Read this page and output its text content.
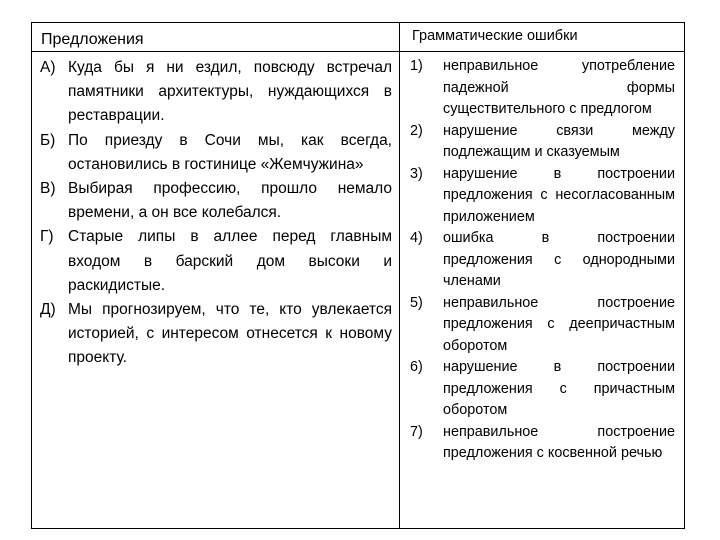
Предложения	Грамматические ошибки
А) Куда бы я ни ездил, повсюду встречал памятники архитектуры, нуждающихся в реставрации.
Б) По приезду в Сочи мы, как всегда, остановились в гостинице «Жемчужина»
В) Выбирая профессию, прошло немало времени, а он все колебался.
Г) Старые липы в аллее перед главным входом в барский дом высоки и раскидистые.
Д) Мы прогнозируем, что те, кто увлекается историей, с интересом отнесется к новому проекту.
1) неправильное употребление падежной формы существительного с предлогом
2) нарушение связи между подлежащим и сказуемым
3) нарушение в построении предложения с несогласованным приложением
4) ошибка в построении предложения с однородными членами
5) неправильное построение предложения с деепричастным оборотом
6) нарушение в построении предложения с причастным оборотом
7) неправильное построение предложения с косвенной речью
